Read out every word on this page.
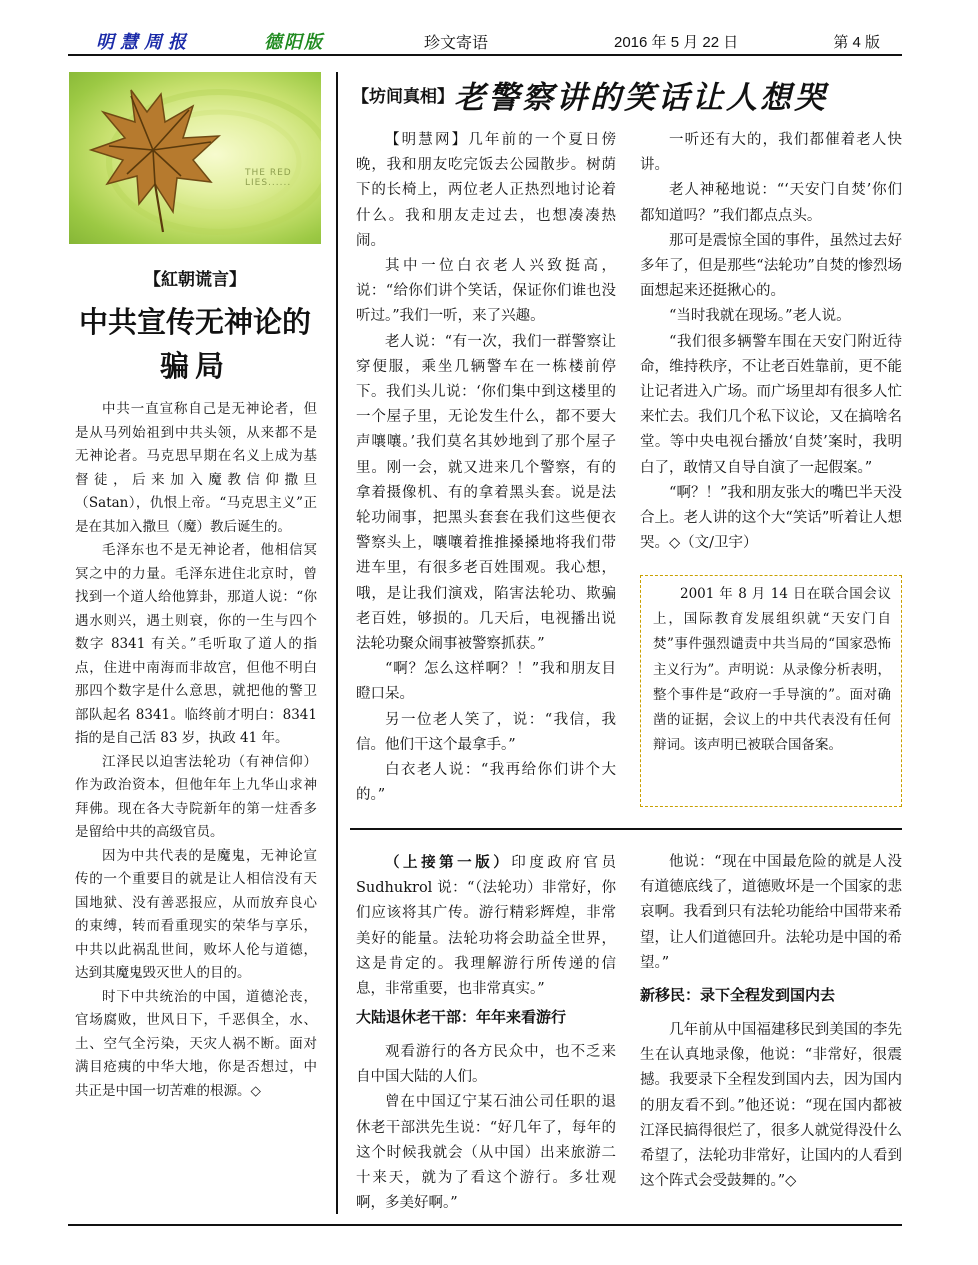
明慧周报	德阳版	珍文寄语	2016 年 5 月 22 日	第 4 版
THE RED LIES......
【紅朝谎言】
中共宣传无神论的
骗局

中共一直宣称自己是无神论者，但是从马列始祖到中共头领，从来都不是无神论者。马克思早期在名义上成为基督徒，后来加入魔教信仰撒旦（Satan），仇恨上帝。“马克思主义”正是在其加入撒旦（魔）教后诞生的。

毛泽东也不是无神论者，他相信冥冥之中的力量。毛泽东进住北京时，曾找到一个道人给他算卦，那道人说：“你遇水则兴，遇土则衰，你的一生与四个数字 8341 有关。”毛听取了道人的指点，住进中南海而非故宫，但他不明白那四个数字是什么意思，就把他的警卫部队起名 8341。临终前才明白：8341 指的是自己活 83 岁，执政 41 年。

江泽民以迫害法轮功（有神信仰）作为政治资本，但他年年上九华山求神拜佛。现在各大寺院新年的第一炷香多是留给中共的高级官员。

因为中共代表的是魔鬼，无神论宣传的一个重要目的就是让人相信没有天国地狱、没有善恶报应，从而放弃良心的束缚，转而看重现实的荣华与享乐，中共以此祸乱世间，败坏人伦与道德，达到其魔鬼毁灭世人的目的。

时下中共统治的中国，道德沦丧，官场腐败，世风日下，千恶俱全，水、土、空气全污染，天灾人祸不断。面对满目疮痍的中华大地，你是否想过，中共正是中国一切苦难的根源。◇

【坊间真相】老警察讲的笑话让人想哭

【明慧网】几年前的一个夏日傍晚，我和朋友吃完饭去公园散步。树荫下的长椅上，两位老人正热烈地讨论着什么。我和朋友走过去，也想凑凑热闹。

其中一位白衣老人兴致挺高，说：“给你们讲个笑话，保证你们谁也没听过。”我们一听，来了兴趣。

老人说：“有一次，我们一群警察让穿便服，乘坐几辆警车在一栋楼前停下。我们头儿说：‘你们集中到这楼里的一个屋子里，无论发生什么，都不要大声嚷嚷。’我们莫名其妙地到了那个屋子里。刚一会，就又进来几个警察，有的拿着摄像机、有的拿着黑头套。说是法轮功闹事，把黑头套套在我们这些便衣警察头上，嚷嚷着推推搡搡地将我们带进车里，有很多老百姓围观。我心想，哦，是让我们演戏，陷害法轮功、欺骗老百姓，够损的。几天后，电视播出说法轮功聚众闹事被警察抓获。”

“啊？怎么这样啊？！”我和朋友目瞪口呆。

另一位老人笑了，说：“我信，我信。他们干这个最拿手。”

白衣老人说：“我再给你们讲个大的。”

一听还有大的，我们都催着老人快讲。

老人神秘地说：“‘天安门自焚’你们都知道吗？”我们都点点头。

那可是震惊全国的事件，虽然过去好多年了，但是那些“法轮功”自焚的惨烈场面想起来还挺揪心的。

“当时我就在现场。”老人说。

“我们很多辆警车围在天安门附近待命，维持秩序，不让老百姓靠前，更不能让记者进入广场。而广场里却有很多人忙来忙去。我们几个私下议论，又在搞啥名堂。等中央电视台播放‘自焚’案时，我明白了，敢情又自导自演了一起假案。”

“啊？！”我和朋友张大的嘴巴半天没合上。老人讲的这个大“笑话”听着让人想哭。◇（文/卫宇）

2001 年 8 月 14 日在联合国会议上，国际教育发展组织就“天安门自焚”事件强烈谴责中共当局的“国家恐怖主义行为”。声明说：从录像分析表明，整个事件是“政府一手导演的”。面对确凿的证据，会议上的中共代表没有任何辩词。该声明已被联合国备案。

（上接第一版）印度政府官员 Sudhukrol 说：“（法轮功）非常好，你们应该将其广传。游行精彩辉煌，非常美好的能量。法轮功将会助益全世界，这是肯定的。我理解游行所传递的信息，非常重要，也非常真实。”

大陆退休老干部：年年来看游行

观看游行的各方民众中，也不乏来自中国大陆的人们。

曾在中国辽宁某石油公司任职的退休老干部洪先生说：“好几年了，每年的这个时候我就会（从中国）出来旅游二十来天，就为了看这个游行。多壮观啊，多美好啊。”

他说：“现在中国最危险的就是人没有道德底线了，道德败坏是一个国家的悲哀啊。我看到只有法轮功能给中国带来希望，让人们道德回升。法轮功是中国的希望。”

新移民：录下全程发到国内去

几年前从中国福建移民到美国的李先生在认真地录像，他说：“非常好，很震撼。我要录下全程发到国内去，因为国内的朋友看不到。”他还说：“现在国内都被江泽民搞得很烂了，很多人就觉得没什么希望了，法轮功非常好，让国内的人看到这个阵式会受鼓舞的。”◇
